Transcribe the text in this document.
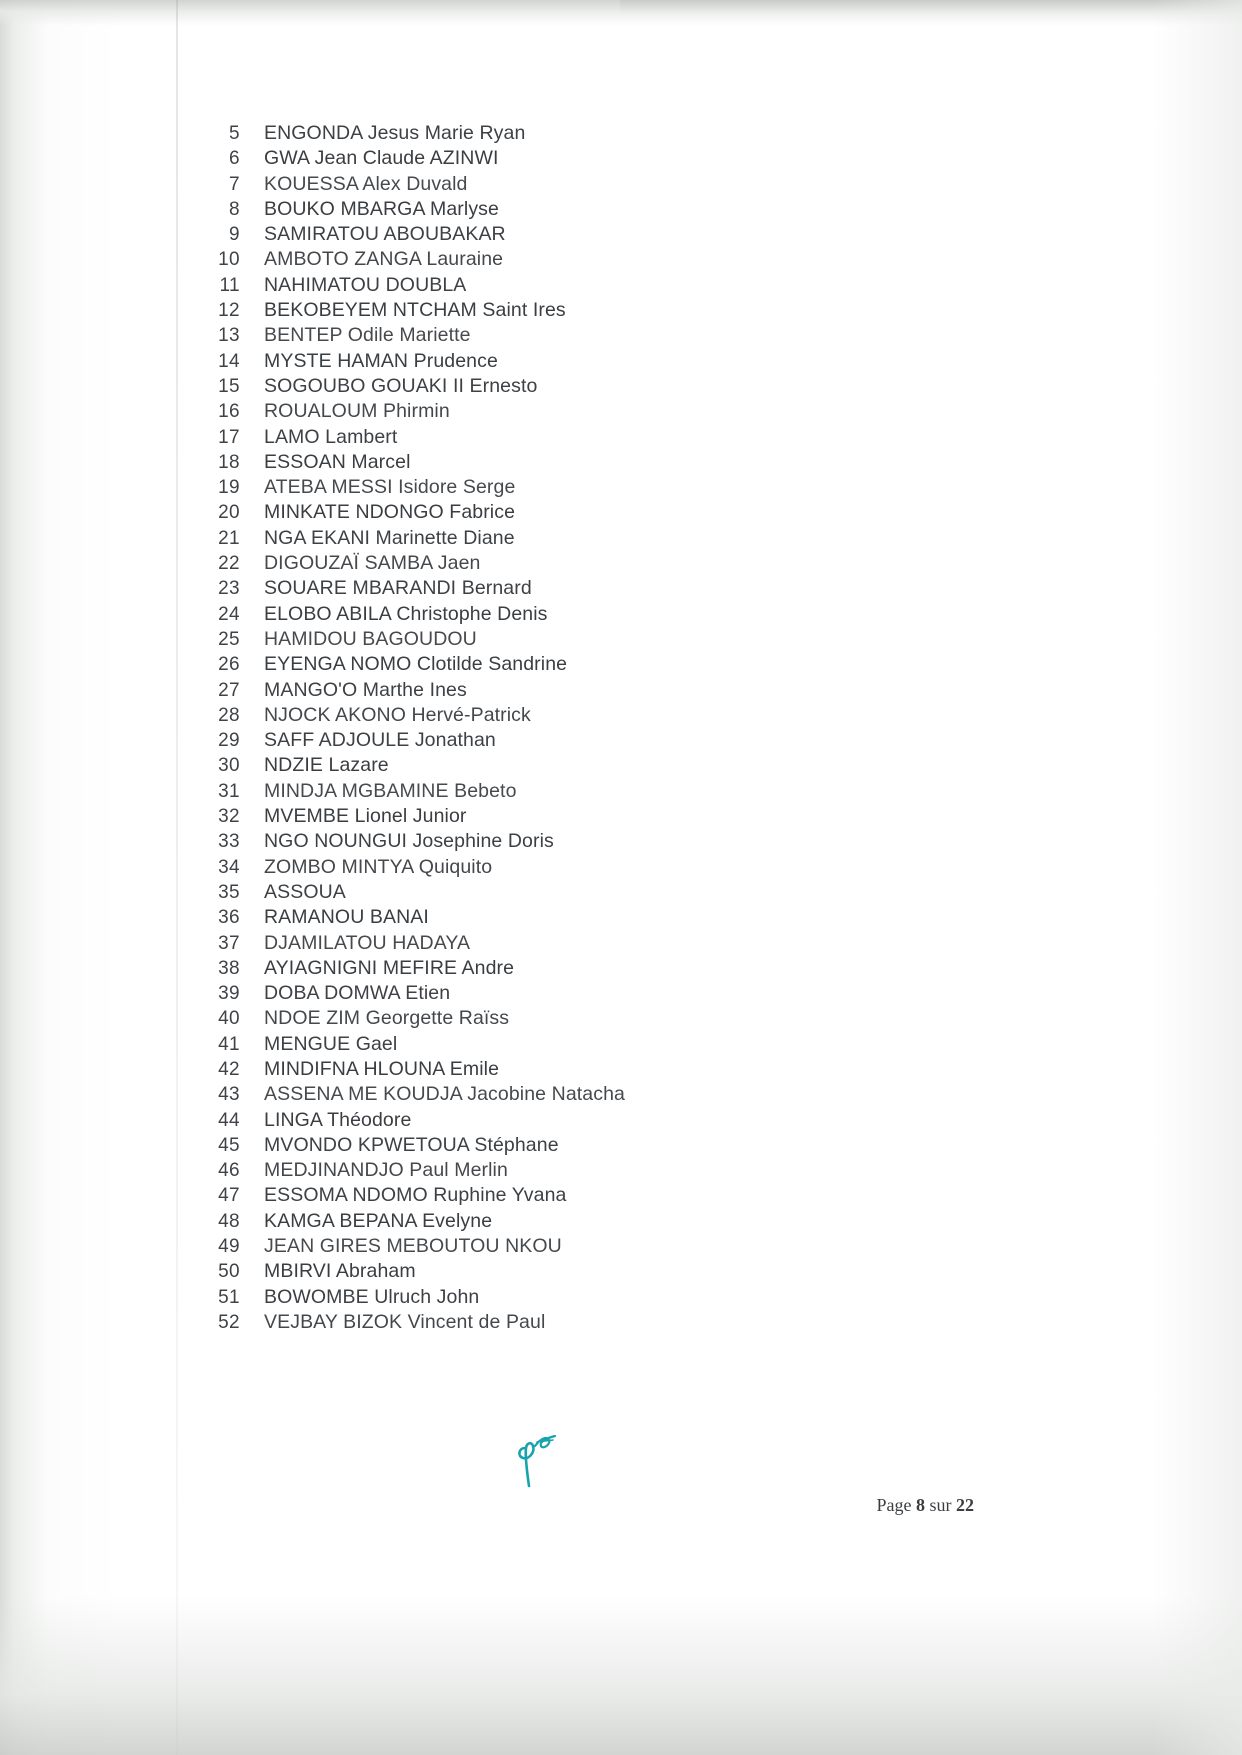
5 ENGONDA Jesus Marie Ryan
6 GWA Jean Claude AZINWI
7 KOUESSA Alex Duvald
8 BOUKO MBARGA Marlyse
9 SAMIRATOU ABOUBAKAR
10 AMBOTO ZANGA Lauraine
11 NAHIMATOU DOUBLA
12 BEKOBEYEM NTCHAM Saint Ires
13 BENTEP Odile Mariette
14 MYSTE HAMAN Prudence
15 SOGOUBO GOUAKI II Ernesto
16 ROUALOUM Phirmin
17 LAMO Lambert
18 ESSOAN Marcel
19 ATEBA MESSI Isidore Serge
20 MINKATE NDONGO Fabrice
21 NGA EKANI Marinette Diane
22 DIGOUZAÏ SAMBA Jaen
23 SOUARE MBARANDI Bernard
24 ELOBO ABILA Christophe Denis
25 HAMIDOU BAGOUDOU
26 EYENGA NOMO Clotilde Sandrine
27 MANGO'O Marthe Ines
28 NJOCK AKONO Hervé-Patrick
29 SAFF ADJOULE Jonathan
30 NDZIE Lazare
31 MINDJA MGBAMINE Bebeto
32 MVEMBE Lionel Junior
33 NGO NOUNGUI Josephine Doris
34 ZOMBO MINTYA Quiquito
35 ASSOUA
36 RAMANOU BANAI
37 DJAMILATOU HADAYA
38 AYIAGNIGNI MEFIRE Andre
39 DOBA DOMWA Etien
40 NDOE ZIM Georgette Raïss
41 MENGUE Gael
42 MINDIFNA HLOUNA Emile
43 ASSENA ME KOUDJA Jacobine Natacha
44 LINGA Théodore
45 MVONDO KPWETOUA Stéphane
46 MEDJINANDJO Paul Merlin
47 ESSOMA NDOMO Ruphine Yvana
48 KAMGA BEPANA Evelyne
49 JEAN GIRES MEBOUTOU NKOU
50 MBIRVI Abraham
51 BOWOMBE Ulruch John
52 VEJBAY BIZOK Vincent de Paul
Page 8 sur 22
